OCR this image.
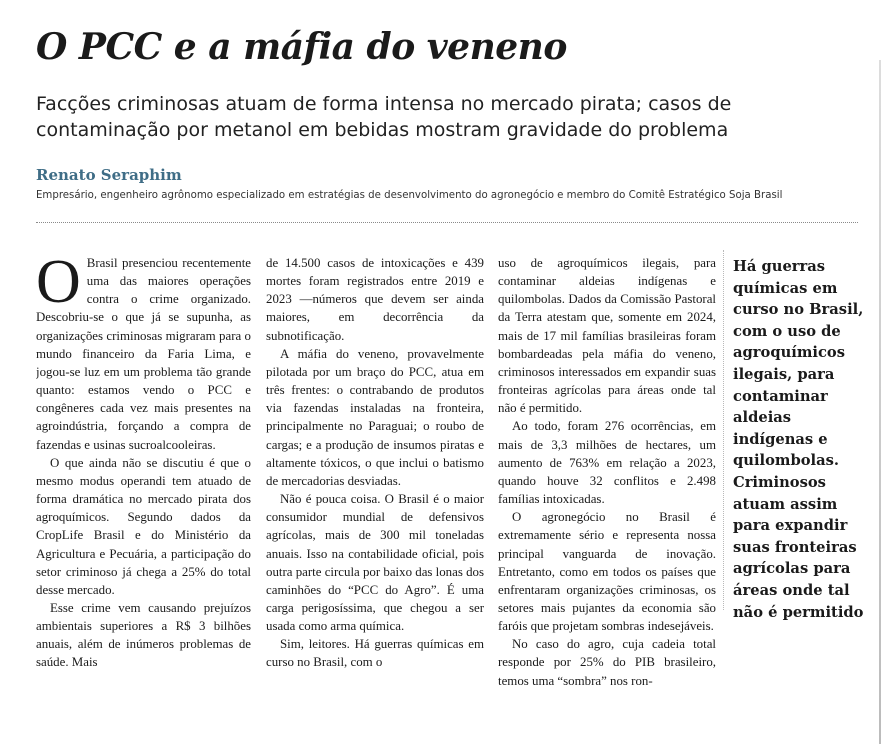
O PCC e a máfia do veneno

Facções criminosas atuam de forma intensa no mercado pirata; casos de contaminação por metanol em bebidas mostram gravidade do problema

Renato Seraphim

Empresário, engenheiro agrônomo especializado em estratégias de desenvolvimento do agronegócio e membro do Comitê Estratégico Soja Brasil

O Brasil presenciou recentemente uma das maiores operações contra o crime organizado. Descobriu-se o que já se supunha, as organizações criminosas migraram para o mundo financeiro da Faria Lima, e jogou-se luz em um problema tão grande quanto: estamos vendo o PCC e congêneres cada vez mais presentes na agroindústria, forçando a compra de fazendas e usinas sucroalcooleiras.

O que ainda não se discutiu é que o mesmo modus operandi tem atuado de forma dramática no mercado pirata dos agroquímicos. Segundo dados da CropLife Brasil e do Ministério da Agricultura e Pecuária, a participação do setor criminoso já chega a 25% do total desse mercado.

Esse crime vem causando prejuízos ambientais superiores a R$ 3 bilhões anuais, além de inúmeros problemas de saúde. Mais

de 14.500 casos de intoxicações e 439 mortes foram registrados entre 2019 e 2023 —números que devem ser ainda maiores, em decorrência da subnotificação.

A máfia do veneno, provavelmente pilotada por um braço do PCC, atua em três frentes: o contrabando de produtos via fazendas instaladas na fronteira, principalmente no Paraguai; o roubo de cargas; e a produção de insumos piratas e altamente tóxicos, o que inclui o batismo de mercadorias desviadas.

Não é pouca coisa. O Brasil é o maior consumidor mundial de defensivos agrícolas, mais de 300 mil toneladas anuais. Isso na contabilidade oficial, pois outra parte circula por baixo das lonas dos caminhões do “PCC do Agro”. É uma carga perigosíssima, que chegou a ser usada como arma química.

Sim, leitores. Há guerras químicas em curso no Brasil, com o

uso de agroquímicos ilegais, para contaminar aldeias indígenas e quilombolas. Dados da Comissão Pastoral da Terra atestam que, somente em 2024, mais de 17 mil famílias brasileiras foram bombardeadas pela máfia do veneno, criminosos interessados em expandir suas fronteiras agrícolas para áreas onde tal não é permitido.

Ao todo, foram 276 ocorrências, em mais de 3,3 milhões de hectares, um aumento de 763% em relação a 2023, quando houve 32 conflitos e 2.498 famílias intoxicadas.

O agronegócio no Brasil é extremamente sério e representa nossa principal vanguarda de inovação. Entretanto, como em todos os países que enfrentaram organizações criminosas, os setores mais pujantes da economia são faróis que projetam sombras indesejáveis.

No caso do agro, cuja cadeia total responde por 25% do PIB brasileiro, temos uma “sombra” nos ron-

Há guerras químicas em curso no Brasil, com o uso de agroquímicos ilegais, para contaminar aldeias indígenas e quilombolas. Criminosos atuam assim para expandir suas fronteiras agrícolas para áreas onde tal não é permitido
